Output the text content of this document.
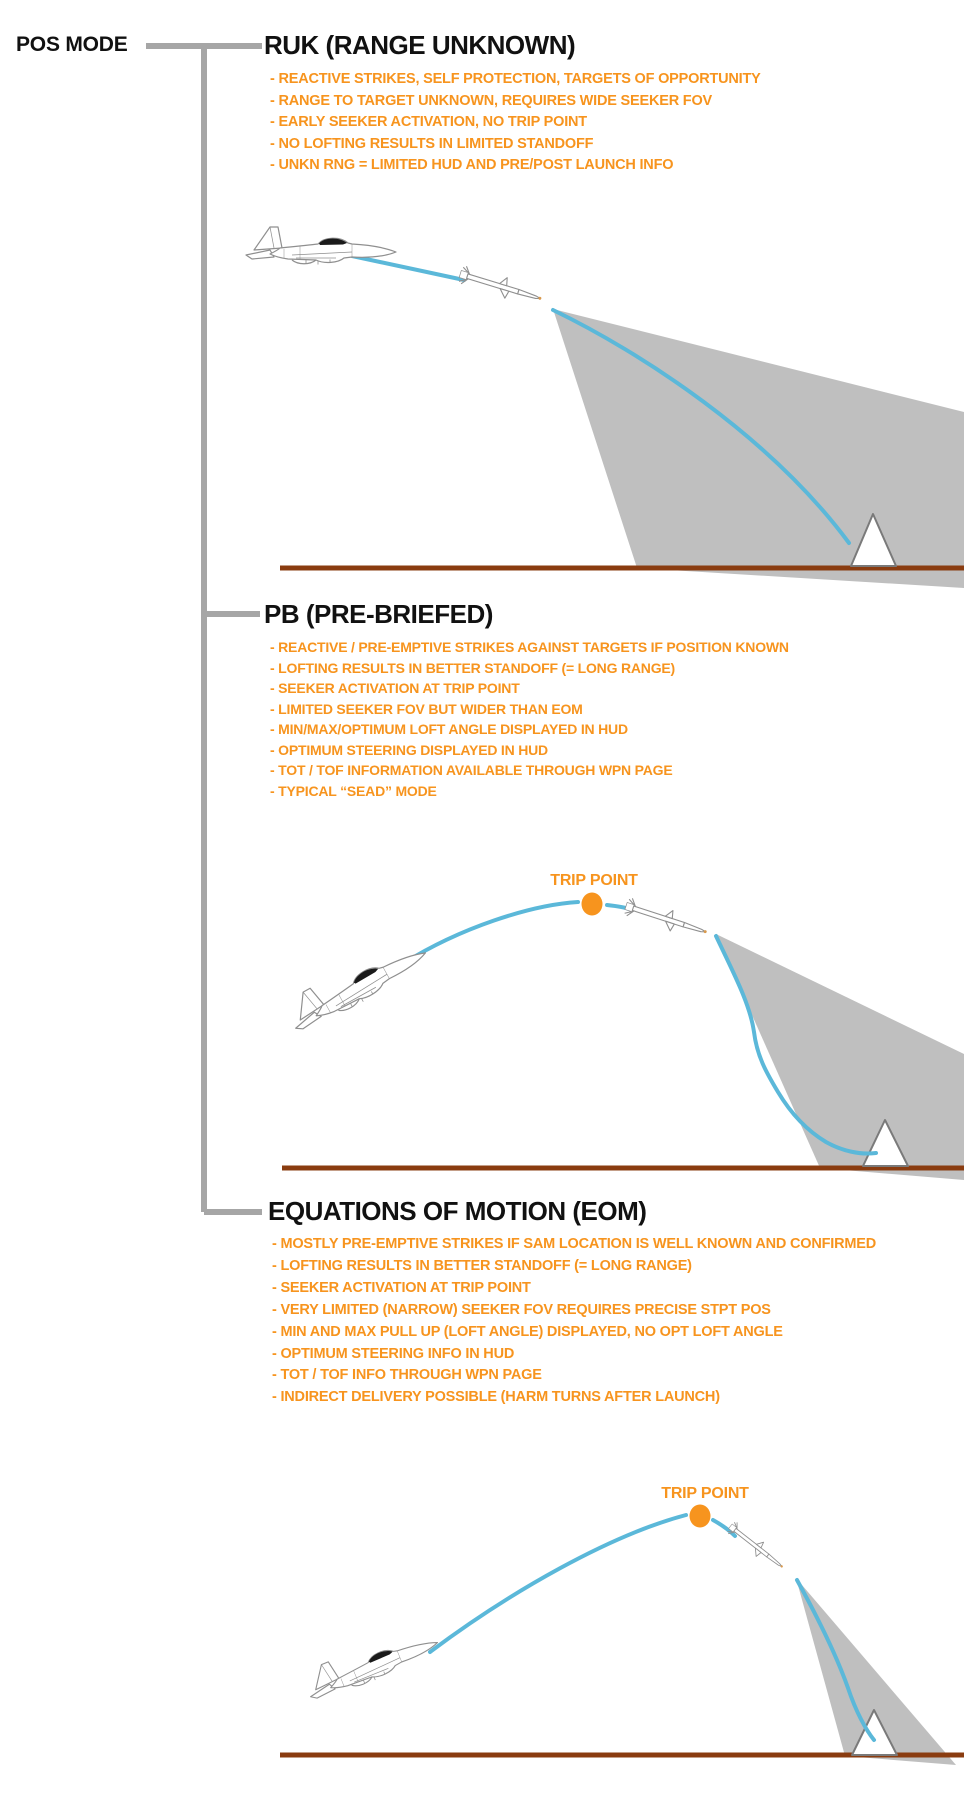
POS MODE	RUK (RANGE UNKNOWN)
- REACTIVE STRIKES, SELF PROTECTION, TARGETS OF OPPORTUNITY
- RANGE TO TARGET UNKNOWN, REQUIRES WIDE SEEKER FOV
- EARLY SEEKER ACTIVATION, NO TRIP POINT
- NO LOFTING RESULTS IN LIMITED STANDOFF
- UNKN RNG = LIMITED HUD AND PRE/POST LAUNCH INFO
PB (PRE-BRIEFED)
- REACTIVE / PRE-EMPTIVE STRIKES AGAINST TARGETS IF POSITION KNOWN
- LOFTING RESULTS IN BETTER STANDOFF (= LONG RANGE)
- SEEKER ACTIVATION AT TRIP POINT
- LIMITED SEEKER FOV BUT WIDER THAN EOM
- MIN/MAX/OPTIMUM LOFT ANGLE DISPLAYED IN HUD
- OPTIMUM STEERING DISPLAYED IN HUD
- TOT / TOF INFORMATION AVAILABLE THROUGH WPN PAGE
- TYPICAL “SEAD” MODE
TRIP POINT
EQUATIONS OF MOTION (EOM)
- MOSTLY PRE-EMPTIVE STRIKES IF SAM LOCATION IS WELL KNOWN AND CONFIRMED
- LOFTING RESULTS IN BETTER STANDOFF (= LONG RANGE)
- SEEKER ACTIVATION AT TRIP POINT
- VERY LIMITED (NARROW) SEEKER FOV REQUIRES PRECISE STPT POS
- MIN AND MAX PULL UP (LOFT ANGLE) DISPLAYED, NO OPT LOFT ANGLE
- OPTIMUM STEERING INFO IN HUD
- TOT / TOF INFO THROUGH WPN PAGE
- INDIRECT DELIVERY POSSIBLE (HARM TURNS AFTER LAUNCH)
TRIP POINT
